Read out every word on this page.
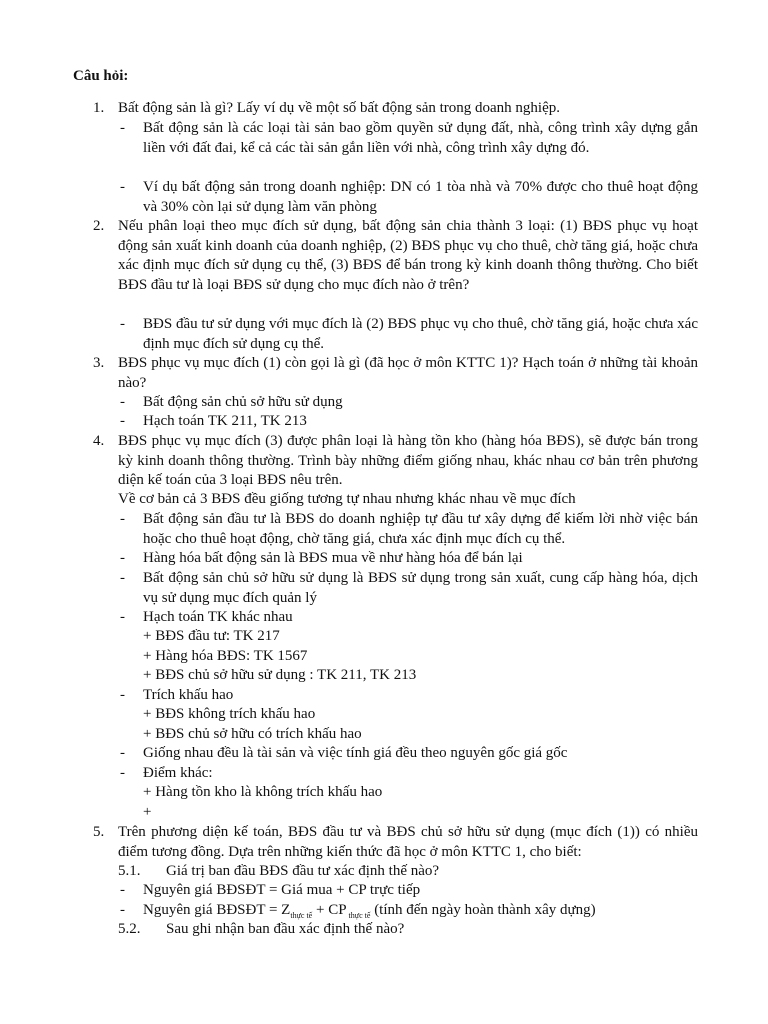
Câu hỏi:
1. Bất động sản là gì? Lấy ví dụ về một số bất động sản trong doanh nghiệp.
- Bất động sản là các loại tài sản bao gồm quyền sử dụng đất, nhà, công trình xây dựng gắn liền với đất đai, kể cả các tài sản gắn liền với nhà, công trình xây dựng đó.
- Ví dụ bất động sản trong doanh nghiệp: DN có 1 tòa nhà và 70% được cho thuê hoạt động và 30% còn lại sử dụng làm văn phòng
2. Nếu phân loại theo mục đích sử dụng, bất động sản chia thành 3 loại: (1) BĐS phục vụ hoạt động sản xuất kinh doanh của doanh nghiệp, (2) BĐS phục vụ cho thuê, chờ tăng giá, hoặc chưa xác định mục đích sử dụng cụ thể, (3) BĐS để bán trong kỳ kinh doanh thông thường. Cho biết BĐS đầu tư là loại BĐS sử dụng cho mục đích nào ở trên?
- BĐS đầu tư sử dụng với mục đích là (2) BĐS phục vụ cho thuê, chờ tăng giá, hoặc chưa xác định mục đích sử dụng cụ thể.
3. BĐS phục vụ mục đích (1) còn gọi là gì (đã học ở môn KTTC 1)? Hạch toán ở những tài khoản nào?
- Bất động sản chủ sở hữu sử dụng
- Hạch toán TK 211, TK 213
4. BĐS phục vụ mục đích (3) được phân loại là hàng tồn kho (hàng hóa BĐS), sẽ được bán trong kỳ kinh doanh thông thường. Trình bày những điểm giống nhau, khác nhau cơ bản trên phương diện kế toán của 3 loại BĐS nêu trên.
Về cơ bản cả 3 BĐS đều giống tương tự nhau nhưng khác nhau về mục đích
- Bất động sản đầu tư là BĐS do doanh nghiệp tự đầu tư xây dựng để kiếm lời nhờ việc bán hoặc cho thuê hoạt động, chờ tăng giá, chưa xác định mục đích cụ thể.
- Hàng hóa bất động sản là BĐS mua về như hàng hóa để bán lại
- Bất động sản chủ sở hữu sử dụng là BĐS sử dụng trong sản xuất, cung cấp hàng hóa, dịch vụ sử dụng mục đích quản lý
- Hạch toán TK khác nhau
+ BĐS đầu tư: TK 217
+ Hàng hóa BĐS: TK 1567
+ BĐS chủ sở hữu sử dụng : TK 211, TK 213
- Trích khấu hao
+ BĐS không trích khấu hao
+ BĐS chủ sở hữu có trích khấu hao
- Giống nhau đều là tài sản và việc tính giá đều theo nguyên gốc giá gốc
- Điểm khác:
+ Hàng tồn kho là không trích khấu hao
+
5. Trên phương diện kế toán, BĐS đầu tư và BĐS chủ sở hữu sử dụng (mục đích (1)) có nhiều điểm tương đồng. Dựa trên những kiến thức đã học ở môn KTTC 1, cho biết:
5.1. Giá trị ban đầu BĐS đầu tư xác định thế nào?
- Nguyên giá BĐSĐT = Giá mua + CP trực tiếp
- Nguyên giá BĐSĐT = $Z_{thực tế}$ + CP $_{thực tế}$ (tính đến ngày hoàn thành xây dựng)
5.2. Sau ghi nhận ban đầu xác định thế nào?
